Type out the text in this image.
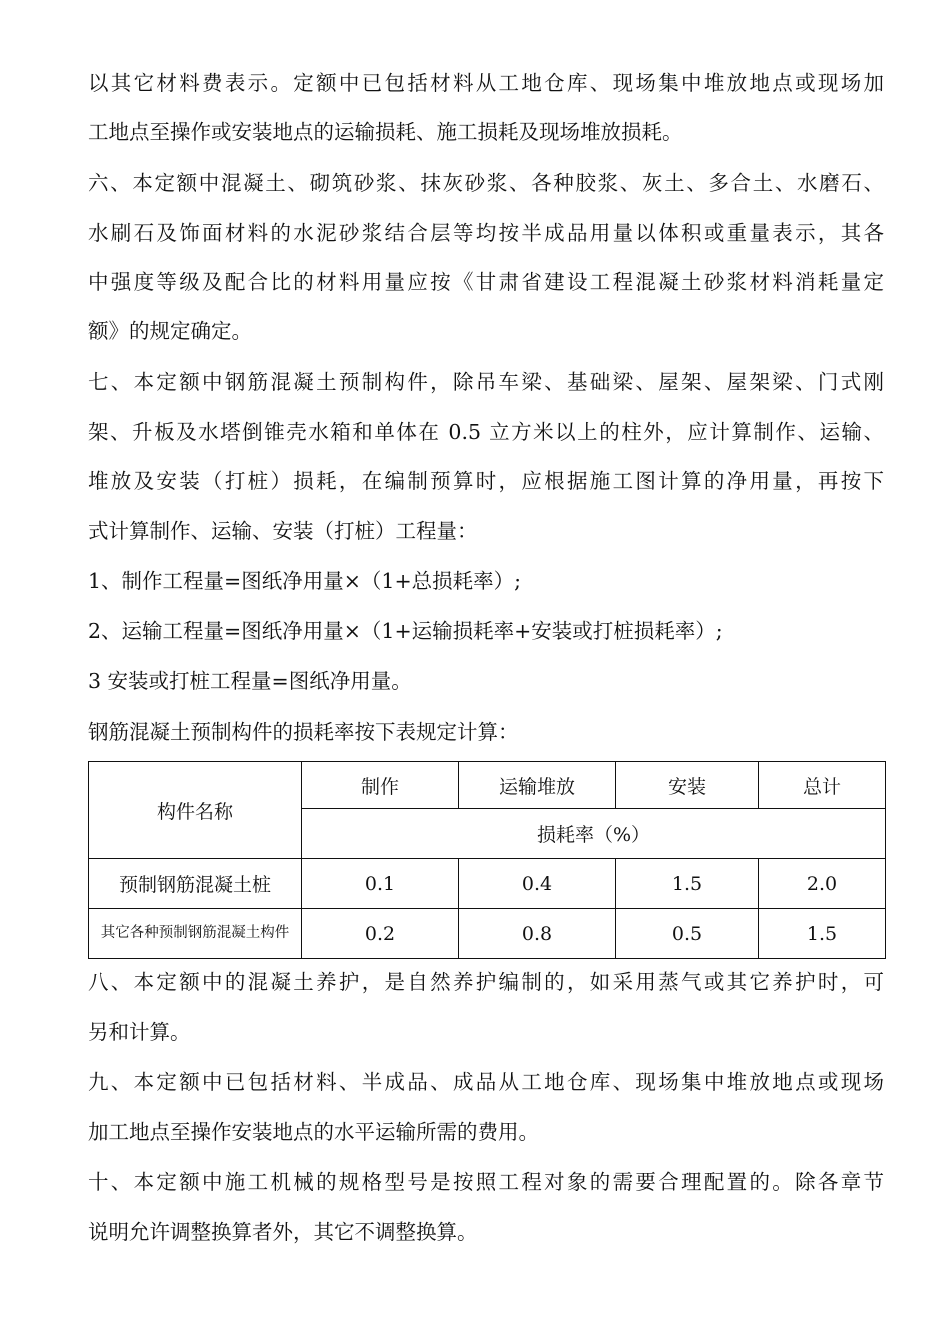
以其它材料费表示。定额中已包括材料从工地仓库、现场集中堆放地点或现场加
工地点至操作或安装地点的运输损耗、施工损耗及现场堆放损耗。
六、本定额中混凝土、砌筑砂浆、抹灰砂浆、各种胶浆、灰土、多合土、水磨石、
水刷石及饰面材料的水泥砂浆结合层等均按半成品用量以体积或重量表示，其各
中强度等级及配合比的材料用量应按《甘肃省建设工程混凝土砂浆材料消耗量定
额》的规定确定。
七、本定额中钢筋混凝土预制构件，除吊车梁、基础梁、屋架、屋架梁、门式刚
架、升板及水塔倒锥壳水箱和单体在 0.5 立方米以上的柱外，应计算制作、运输、
堆放及安装（打桩）损耗，在编制预算时，应根据施工图计算的净用量，再按下
式计算制作、运输、安装（打桩）工程量：
1、制作工程量=图纸净用量×（1+总损耗率）;
2、运输工程量=图纸净用量×（1+运输损耗率+安装或打桩损耗率）;
3 安装或打桩工程量=图纸净用量。
钢筋混凝土预制构件的损耗率按下表规定计算：
构件名称	制作	运输堆放	安装	总计
	损耗率（%）			
预制钢筋混凝土桩	0.1	0.4	1.5	2.0
其它各种预制钢筋混凝土构件	0.2	0.8	0.5	1.5
八、本定额中的混凝土养护，是自然养护编制的，如采用蒸气或其它养护时，可
另和计算。
九、本定额中已包括材料、半成品、成品从工地仓库、现场集中堆放地点或现场
加工地点至操作安装地点的水平运输所需的费用。
十、本定额中施工机械的规格型号是按照工程对象的需要合理配置的。除各章节
说明允许调整换算者外，其它不调整换算。
